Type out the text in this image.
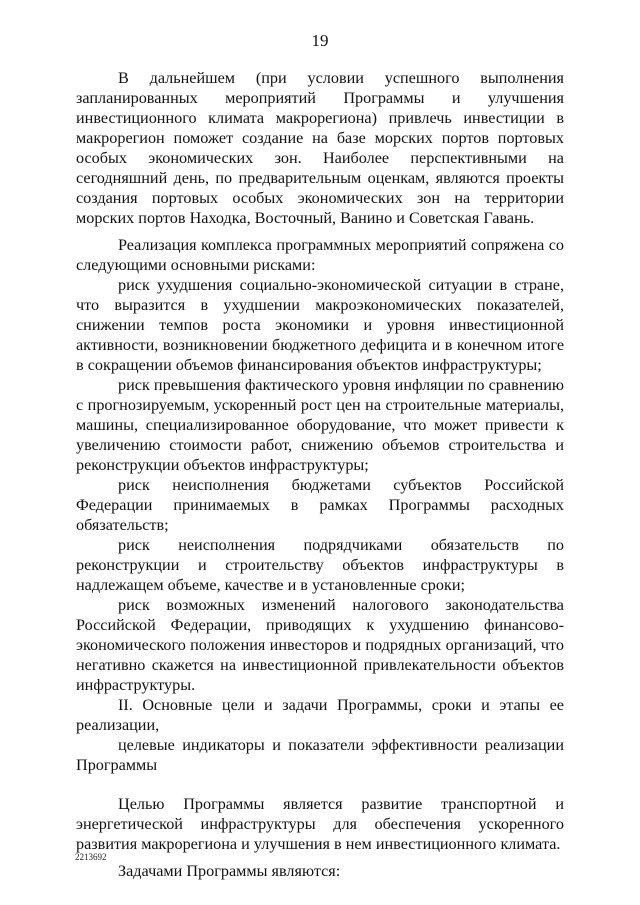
19

В дальнейшем (при условии успешного выполнения запланированных мероприятий Программы и улучшения инвестиционного климата макрорегиона) привлечь инвестиции в макрорегион поможет создание на базе морских портов портовых особых экономических зон. Наиболее перспективными на сегодняшний день, по предварительным оценкам, являются проекты создания портовых особых экономических зон на территории морских портов Находка, Восточный, Ванино и Советская Гавань.

Реализация комплекса программных мероприятий сопряжена со следующими основными рисками:

риск ухудшения социально-экономической ситуации в стране, что выразится в ухудшении макроэкономических показателей, снижении темпов роста экономики и уровня инвестиционной активности, возникновении бюджетного дефицита и в конечном итоге в сокращении объемов финансирования объектов инфраструктуры;

риск превышения фактического уровня инфляции по сравнению с прогнозируемым, ускоренный рост цен на строительные материалы, машины, специализированное оборудование, что может привести к увеличению стоимости работ, снижению объемов строительства и реконструкции объектов инфраструктуры;

риск неисполнения бюджетами субъектов Российской Федерации принимаемых в рамках Программы расходных обязательств;

риск неисполнения подрядчиками обязательств по реконструкции и строительству объектов инфраструктуры в надлежащем объеме, качестве и в установленные сроки;

риск возможных изменений налогового законодательства Российской Федерации, приводящих к ухудшению финансово-экономического положения инвесторов и подрядных организаций, что негативно скажется на инвестиционной привлекательности объектов инфраструктуры.

II. Основные цели и задачи Программы, сроки и этапы ее реализации,
целевые индикаторы и показатели эффективности реализации Программы

Целью Программы является развитие транспортной и энергетической инфраструктуры для обеспечения ускоренного развития макрорегиона и улучшения в нем инвестиционного климата.

Задачами Программы являются:

2213692
